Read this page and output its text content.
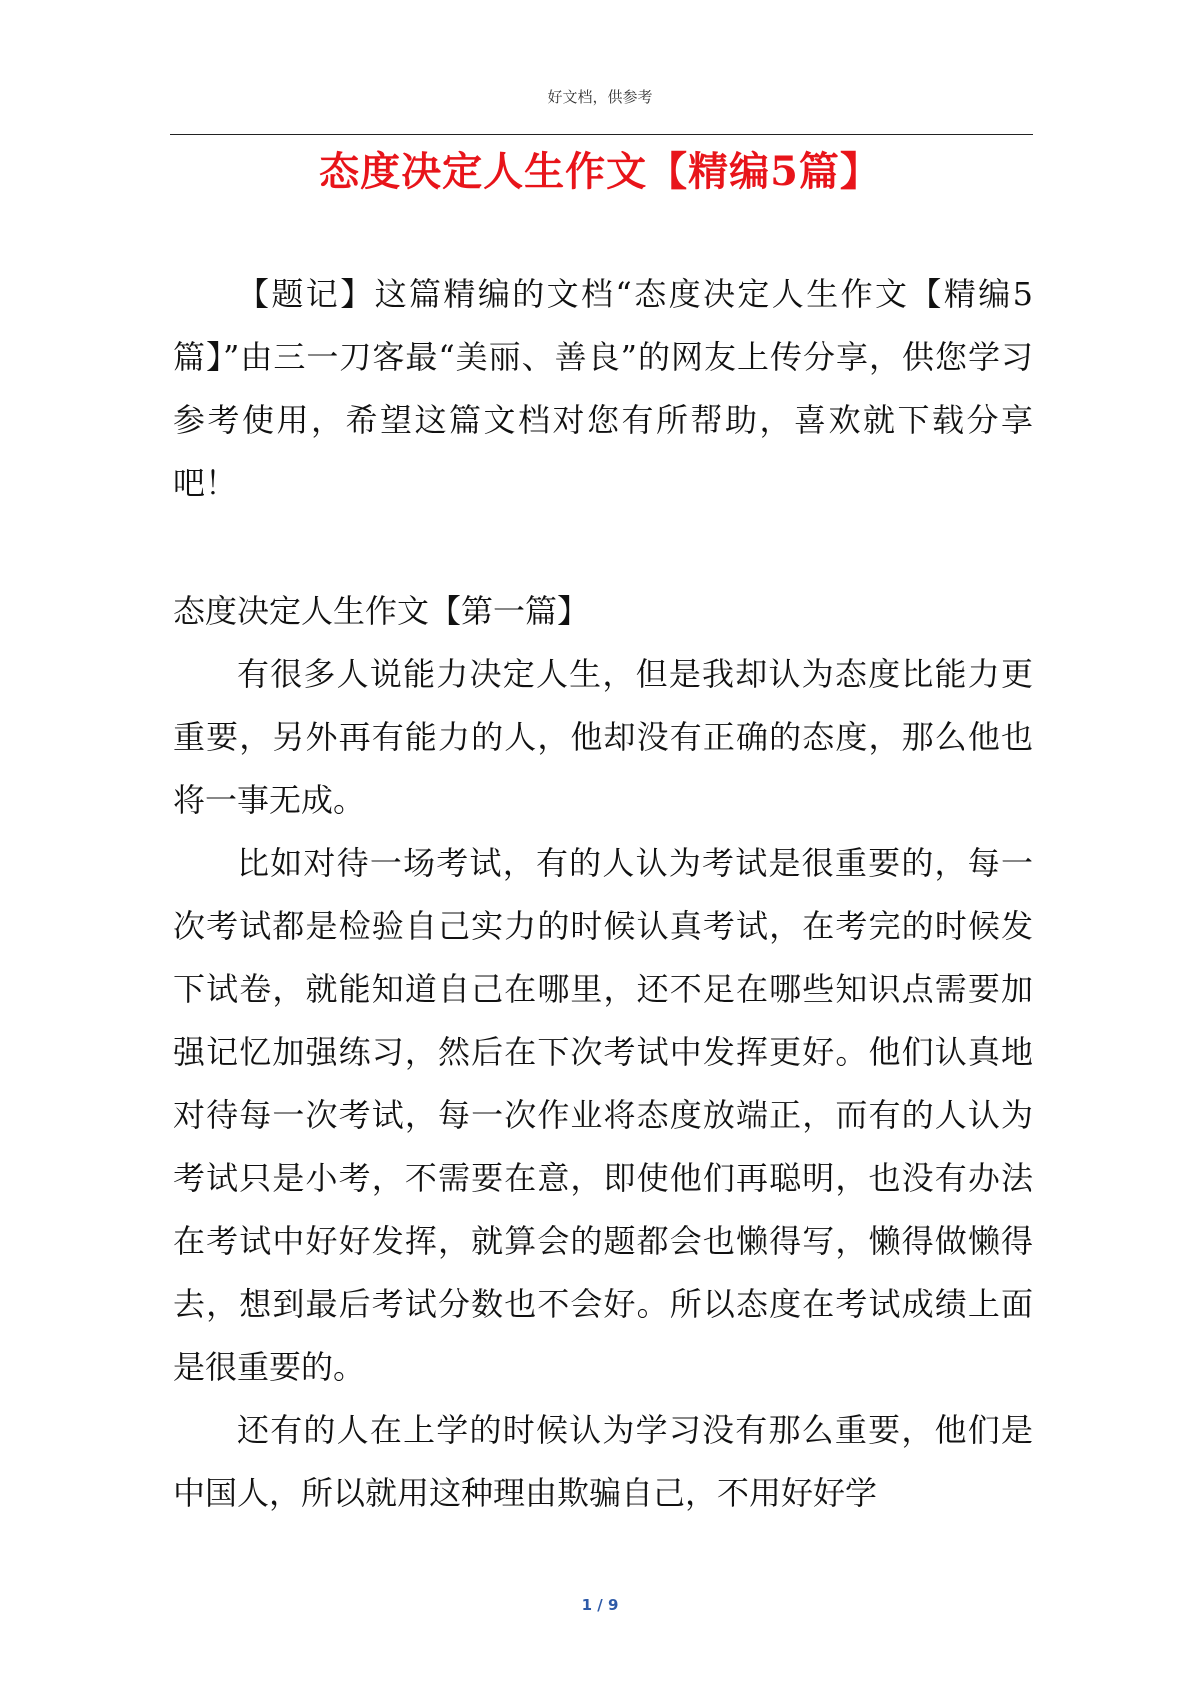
好文档，供参考
态度决定人生作文【精编5篇】
【题记】这篇精编的文档“态度决定人生作文【精编5篇】”由三一刀客最“美丽、善良”的网友上传分享，供您学习参考使用，希望这篇文档对您有所帮助，喜欢就下载分享吧！
态度决定人生作文【第一篇】
有很多人说能力决定人生，但是我却认为态度比能力更重要，另外再有能力的人，他却没有正确的态度，那么他也将一事无成。
比如对待一场考试，有的人认为考试是很重要的，每一次考试都是检验自己实力的时候认真考试，在考完的时候发下试卷，就能知道自己在哪里，还不足在哪些知识点需要加强记忆加强练习，然后在下次考试中发挥更好。他们认真地对待每一次考试，每一次作业将态度放端正，而有的人认为考试只是小考，不需要在意，即使他们再聪明，也没有办法在考试中好好发挥，就算会的题都会也懒得写，懒得做懒得去，想到最后考试分数也不会好。所以态度在考试成绩上面是很重要的。
还有的人在上学的时候认为学习没有那么重要，他们是中国人，所以就用这种理由欺骗自己，不用好好学
1 / 9
